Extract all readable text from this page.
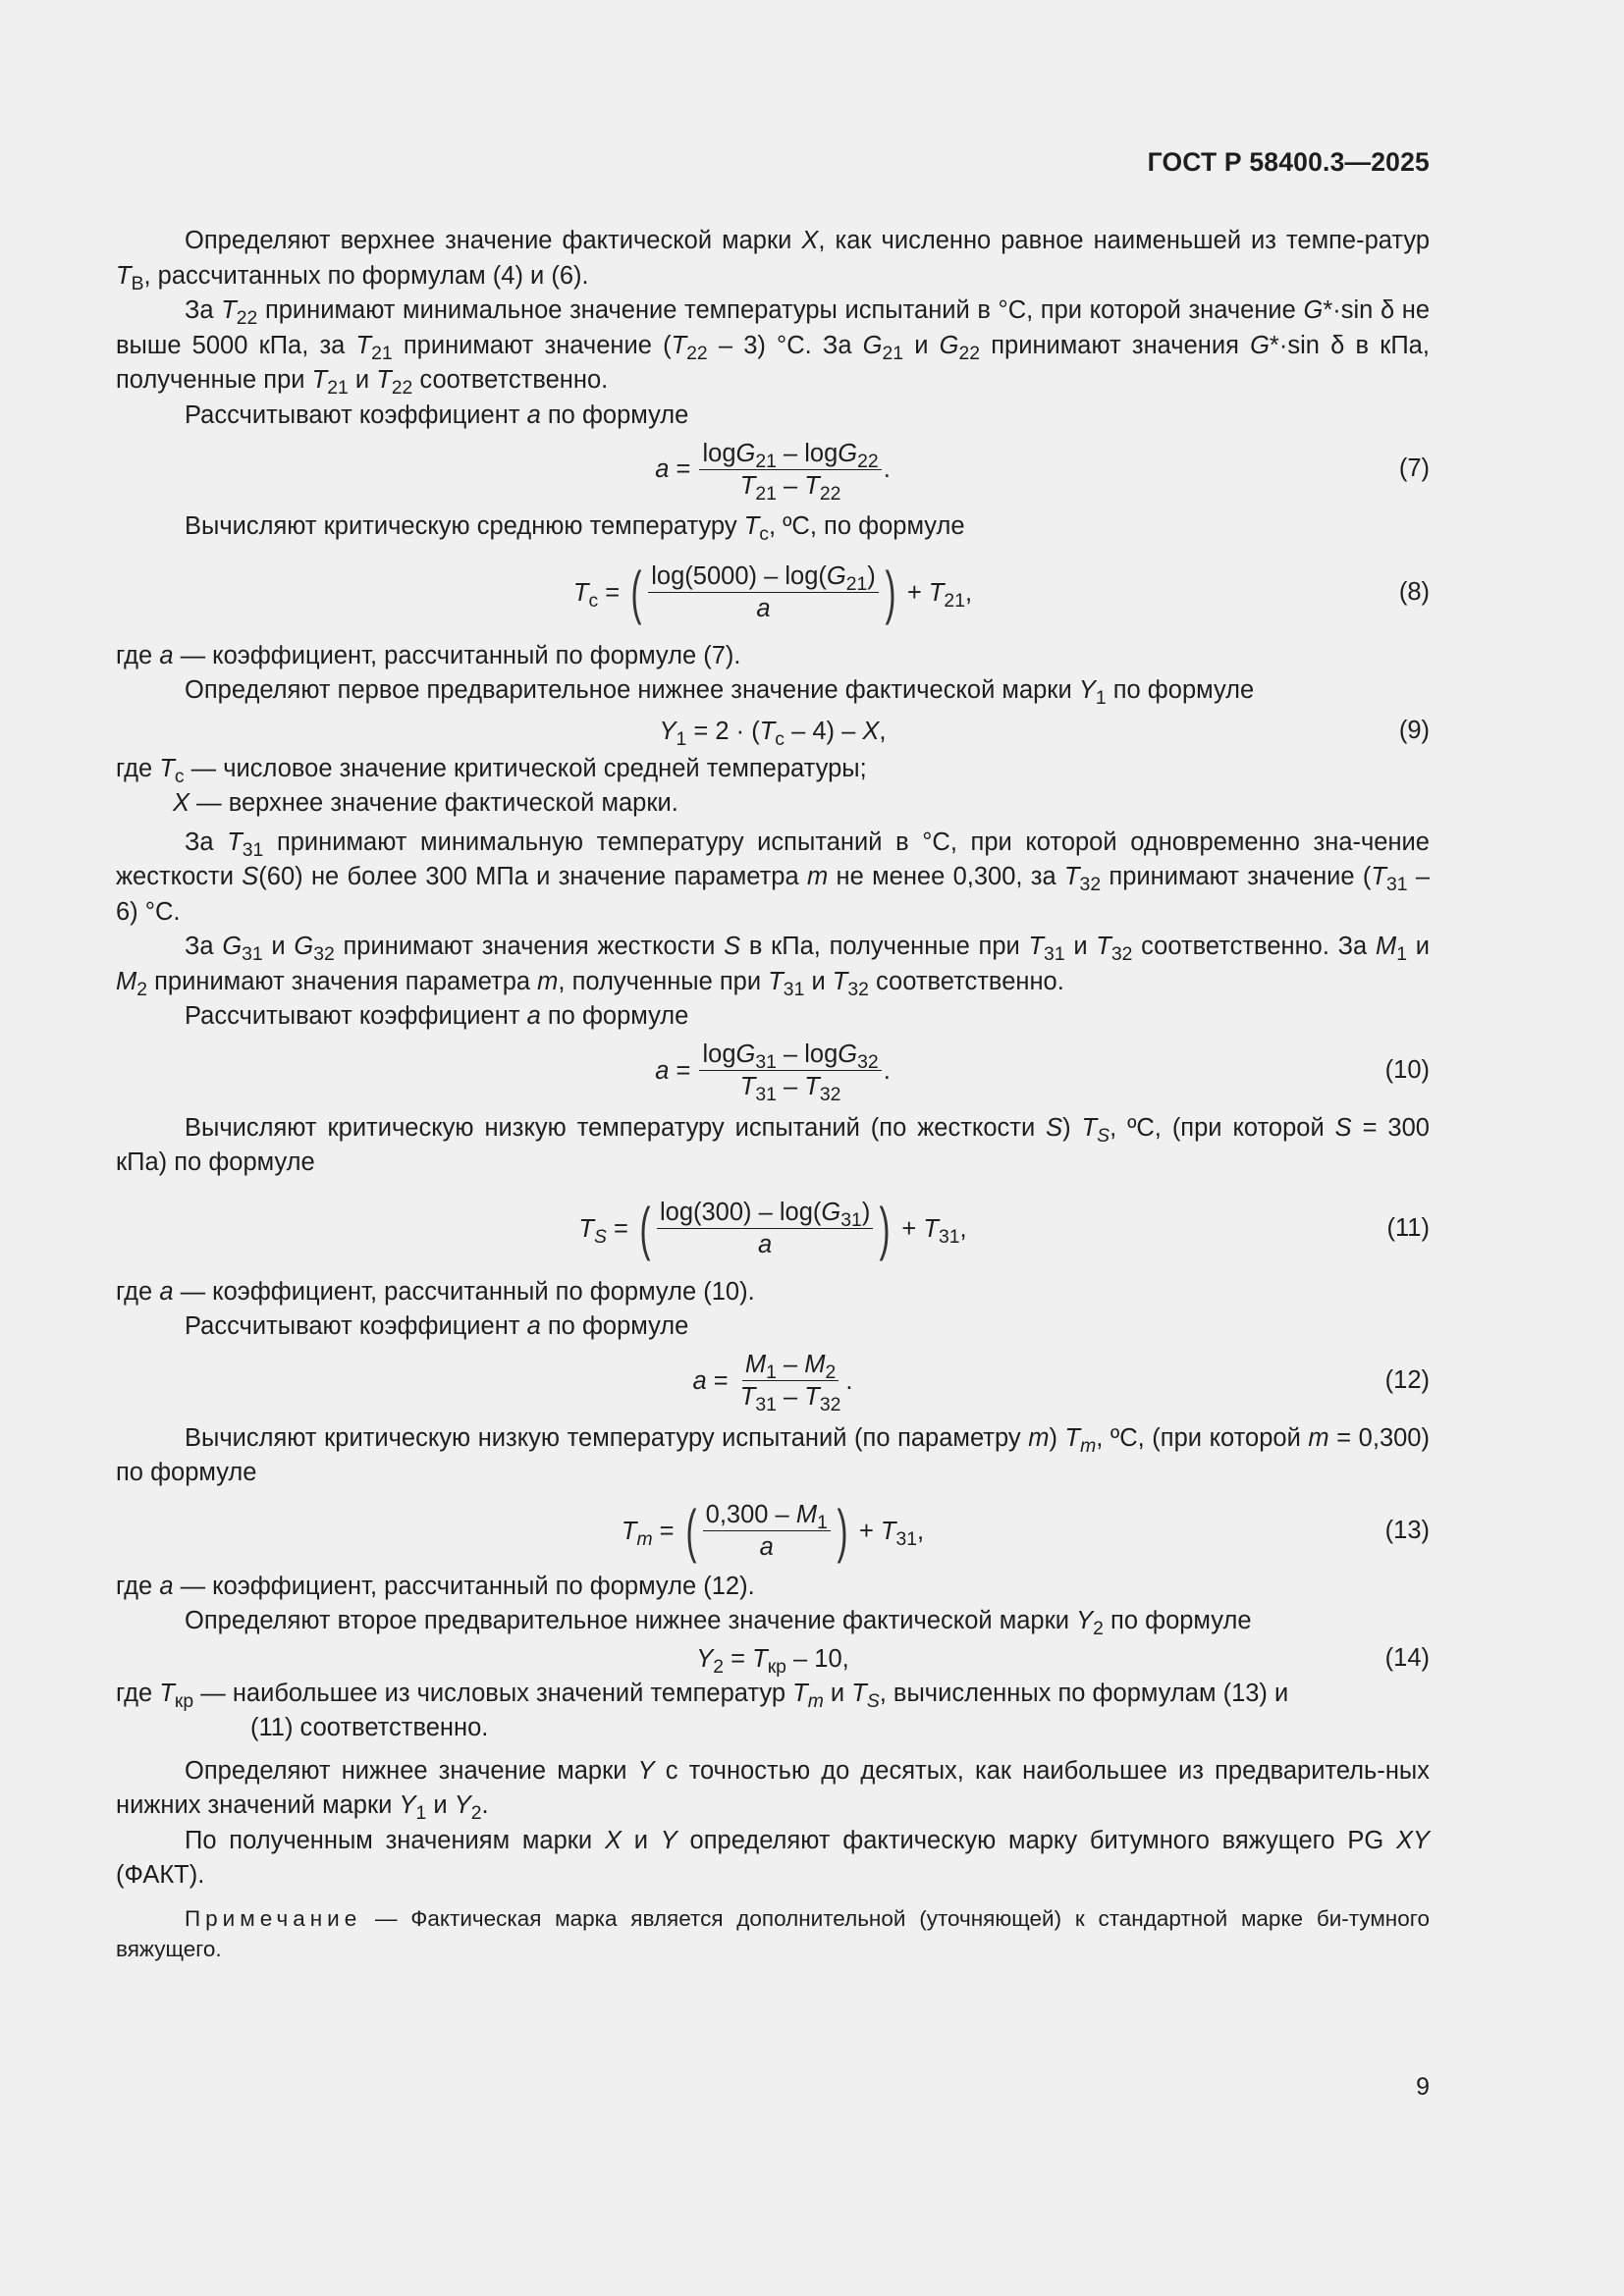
ГОСТ Р 58400.3—2025

Определяют верхнее значение фактической марки X, как численно равное наименьшей из темпе-ратур $T_В$, рассчитанных по формулам (4) и (6).

За $T_{22}$ принимают минимальное значение температуры испытаний в °С, при которой значение G*·sin δ не выше 5000 кПа, за $T_{21}$ принимают значение $(T_{22} - 3)$ °С. За $G_{21}$ и $G_{22}$ принимают значения G*·sin δ в кПа, полученные при $T_{21}$ и $T_{22}$ соответственно.

Рассчитывают коэффициент a по формуле

$a = \frac{\log G_{21} - \log G_{22}}{T_{21} - T_{22}}$ .	(7)

Вычисляют критическую среднюю температуру $T_с$, ºС, по формуле

$T_с$ = ( $\frac{\log(5000) - \log(G_{21})}{a}$ ) + $T_{21}$,	(8)

где a — коэффициент, рассчитанный по формуле (7).

Определяют первое предварительное нижнее значение фактической марки $Y_1$ по формуле

$Y_1 = 2 \cdot (T_с - 4) - X$,	(9)

где $T_с$ — числовое значение критической средней температуры;

X — верхнее значение фактической марки.

За $T_{31}$ принимают минимальную температуру испытаний в °С, при которой одновременно зна-чение жесткости S(60) не более 300 МПа и значение параметра m не менее 0,300, за $T_{32}$ принимают значение $(T_{31} - 6)$ °С.

За $G_{31}$ и $G_{32}$ принимают значения жесткости S в кПа, полученные при $T_{31}$ и $T_{32}$ соответственно. За $M_1$ и $M_2$ принимают значения параметра m, полученные при $T_{31}$ и $T_{32}$ соответственно.

Рассчитывают коэффициент a по формуле

$a = \frac{\log G_{31} - \log G_{32}}{T_{31} - T_{32}}$ .	(10)

Вычисляют критическую низкую температуру испытаний (по жесткости S) $T_S$, ºС, (при которой S = 300 кПа) по формуле

$T_S$ = ( $\frac{\log(300) - \log(G_{31})}{a}$ ) + $T_{31}$,	(11)

где a — коэффициент, рассчитанный по формуле (10).

Рассчитывают коэффициент a по формуле

$a = \frac{M_1 - M_2}{T_{31} - T_{32}}$ .	(12)

Вычисляют критическую низкую температуру испытаний (по параметру m) $T_m$, ºС, (при которой m = 0,300) по формуле

$T_m$ = ( $\frac{0,300 - M_1}{a}$ ) + $T_{31}$,	(13)

где a — коэффициент, рассчитанный по формуле (12).

Определяют второе предварительное нижнее значение фактической марки $Y_2$ по формуле

$Y_2 = T_{кр} - 10$,	(14)

где $T_{кр}$ — наибольшее из числовых значений температур $T_m$ и $T_S$, вычисленных по формулам (13) и

(11) соответственно.

Определяют нижнее значение марки Y с точностью до десятых, как наибольшее из предваритель-ных нижних значений марки $Y_1$ и $Y_2$.

По полученным значениям марки X и Y определяют фактическую марку битумного вяжущего PG XY (ФАКТ).

Примечание — Фактическая марка является дополнительной (уточняющей) к стандартной марке би-тумного вяжущего.

9
